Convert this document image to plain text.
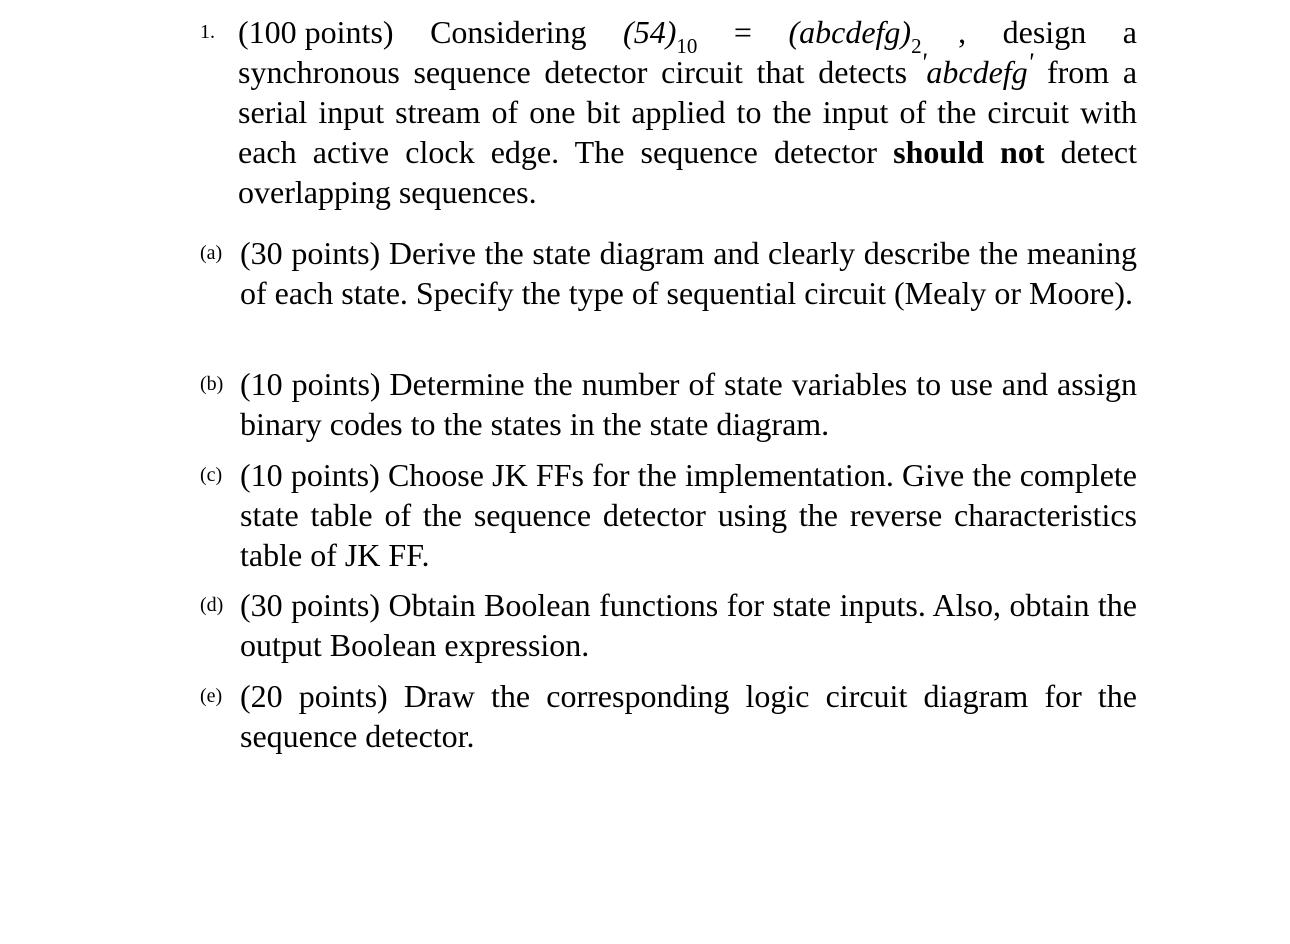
1. (100 points) Considering $(54)_{10}$ = $(abcdefg)_2$ , design a
synchronous sequence detector circuit that detects 'abcdefg' from a serial input stream of one bit applied to the input of the circuit with each active clock edge. The sequence detector should not detect overlapping sequences.
(a) (30 points) Derive the state diagram and clearly describe the meaning of each state. Specify the type of sequential circuit (Mealy or Moore).
(b) (10 points) Determine the number of state variables to use and assign binary codes to the states in the state diagram.
(c) (10 points) Choose JK FFs for the implementation. Give the complete state table of the sequence detector using the reverse characteristics table of JK FF.
(d) (30 points) Obtain Boolean functions for state inputs. Also, obtain the output Boolean expression.
(e) (20 points) Draw the corresponding logic circuit diagram for the sequence detector.
